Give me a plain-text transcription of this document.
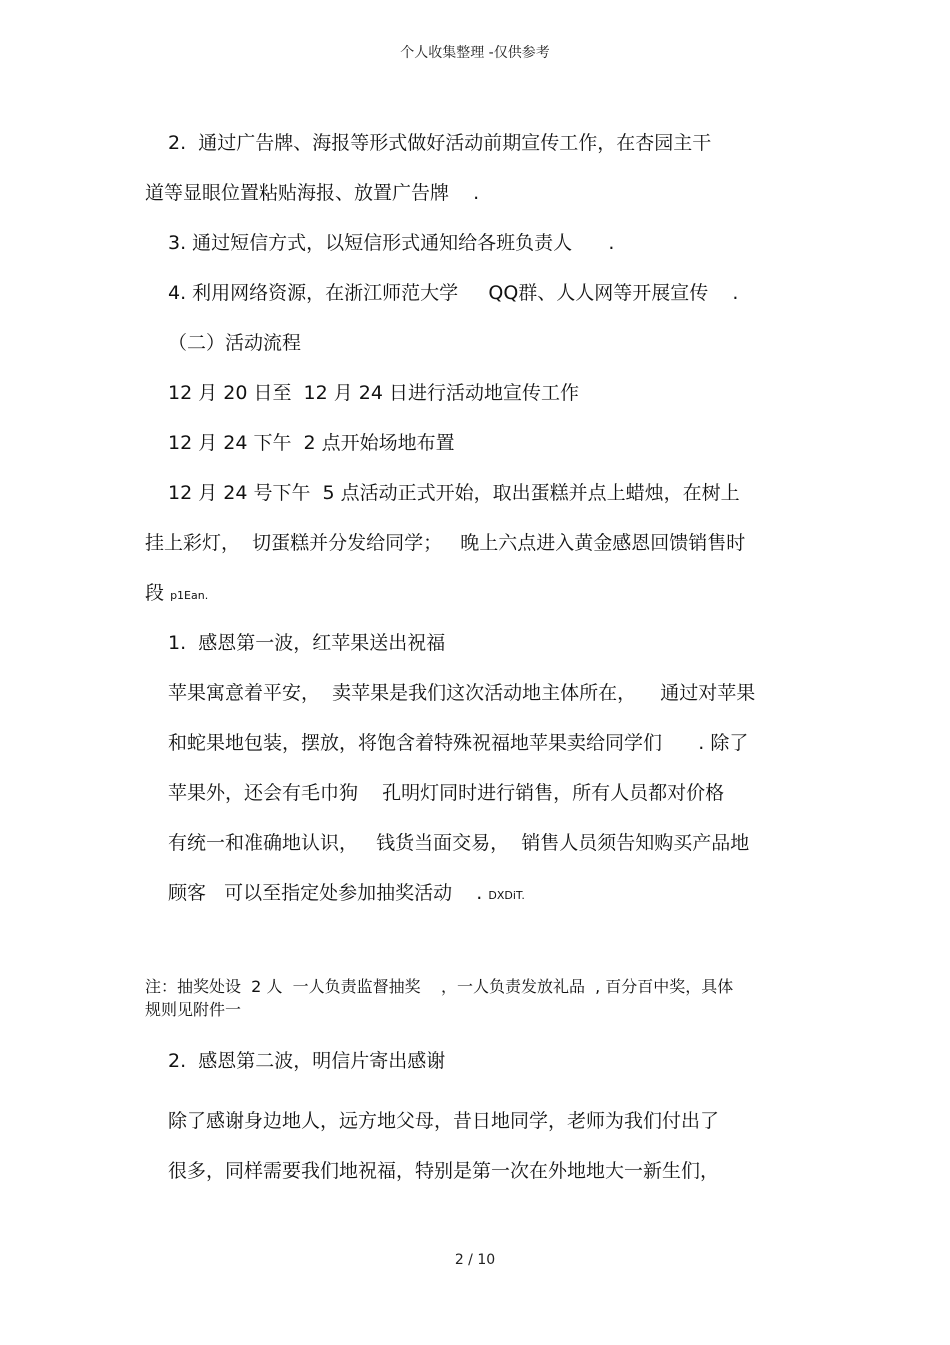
个人收集整理 -仅供参考
2.  通过广告牌、海报等形式做好活动前期宣传工作，在杏园主干
道等显眼位置粘贴海报、放置广告牌    .
3. 通过短信方式，以短信形式通知给各班负责人      .
4. 利用网络资源，在浙江师范大学     QQ群、人人网等开展宣传    .
（二）活动流程
12 月 20 日至  12 月 24 日进行活动地宣传工作
12 月 24 下午  2 点开始场地布置
12 月 24 号下午  5 点活动正式开始，取出蛋糕并点上蜡烛，在树上
挂上彩灯，  切蛋糕并分发给同学；   晚上六点进入黄金感恩回馈销售时
段 p1Ean.
1.  感恩第一波，红苹果送出祝福
苹果寓意着平安，  卖苹果是我们这次活动地主体所在，    通过对苹果
和蛇果地包装，摆放，将饱含着特殊祝福地苹果卖给同学们      . 除了
苹果外，还会有毛巾狗    孔明灯同时进行销售，所有人员都对价格
有统一和准确地认识，   钱货当面交易，  销售人员须告知购买产品地
顾客   可以至指定处参加抽奖活动    . DXDiT.
注：抽奖处设  2 人  一人负责监督抽奖    ，一人负责发放礼品  , 百分百中奖，具体
规则见附件一
2.  感恩第二波，明信片寄出感谢
除了感谢身边地人，远方地父母，昔日地同学，老师为我们付出了
很多，同样需要我们地祝福，特别是第一次在外地地大一新生们，
2 / 10
